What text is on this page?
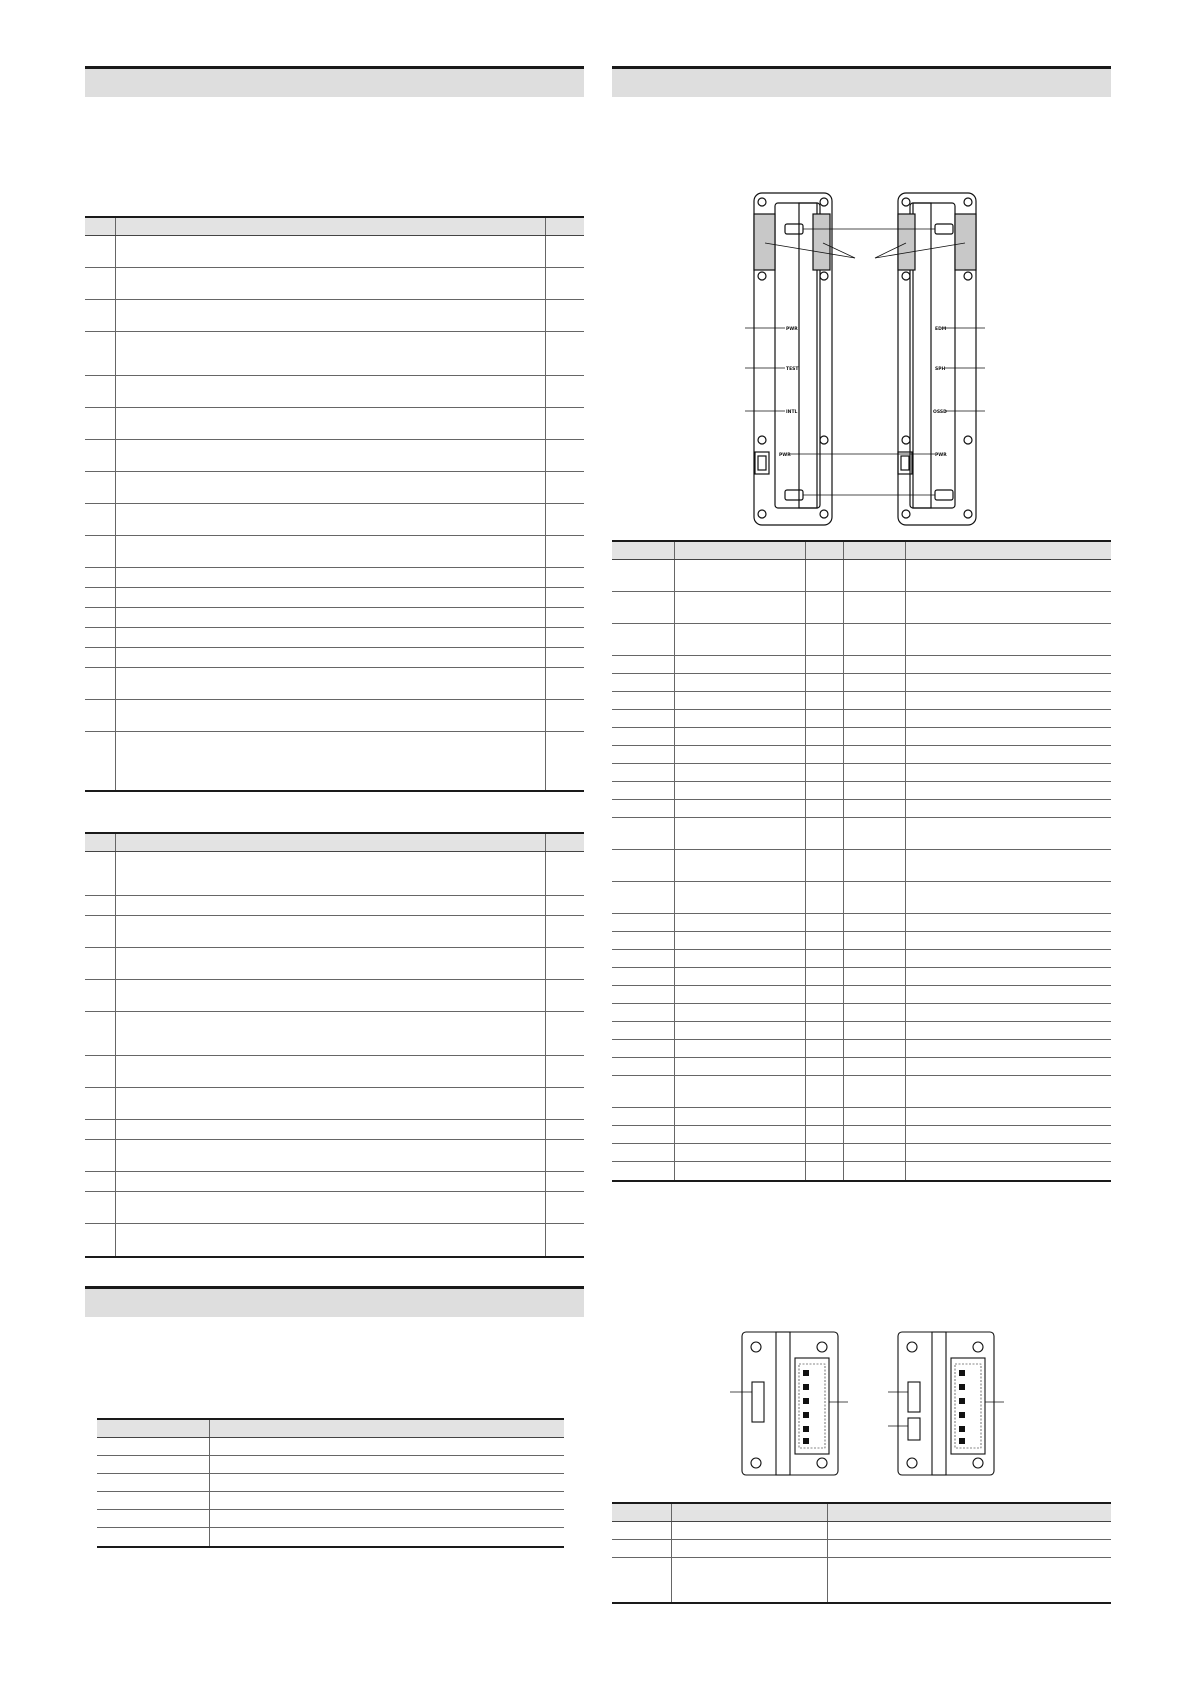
PWR
TEST
INTL
PWR
EDM
SPH
OSSD
PWR
